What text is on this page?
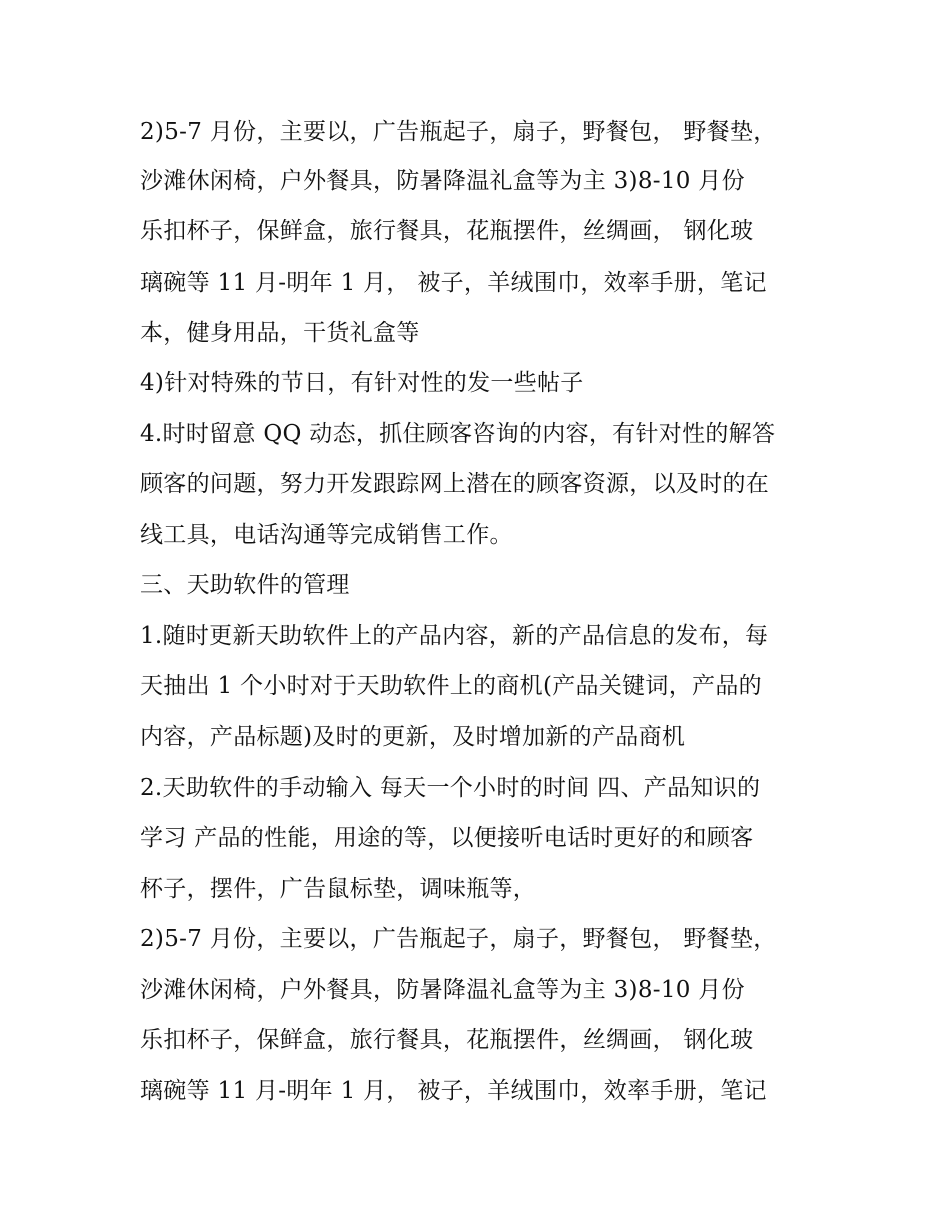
2)5-7 月份，主要以，广告瓶起子，扇子，野餐包， 野餐垫，
沙滩休闲椅，户外餐具，防暑降温礼盒等为主 3)8-10 月份
乐扣杯子，保鲜盒，旅行餐具，花瓶摆件，丝绸画， 钢化玻
璃碗等 11 月-明年 1 月， 被子，羊绒围巾，效率手册，笔记
本，健身用品，干货礼盒等
4)针对特殊的节日，有针对性的发一些帖子
4.时时留意 QQ 动态，抓住顾客咨询的内容，有针对性的解答
顾客的问题，努力开发跟踪网上潜在的顾客资源，以及时的在
线工具，电话沟通等完成销售工作。
三、天助软件的管理
1.随时更新天助软件上的产品内容，新的产品信息的发布，每
天抽出 1 个小时对于天助软件上的商机(产品关键词，产品的
内容，产品标题)及时的更新，及时增加新的产品商机
2.天助软件的手动输入 每天一个小时的时间 四、产品知识的
学习 产品的性能，用途的等，以便接听电话时更好的和顾客
杯子，摆件，广告鼠标垫，调味瓶等，
2)5-7 月份，主要以，广告瓶起子，扇子，野餐包， 野餐垫，
沙滩休闲椅，户外餐具，防暑降温礼盒等为主 3)8-10 月份
乐扣杯子，保鲜盒，旅行餐具，花瓶摆件，丝绸画， 钢化玻
璃碗等 11 月-明年 1 月， 被子，羊绒围巾，效率手册，笔记
